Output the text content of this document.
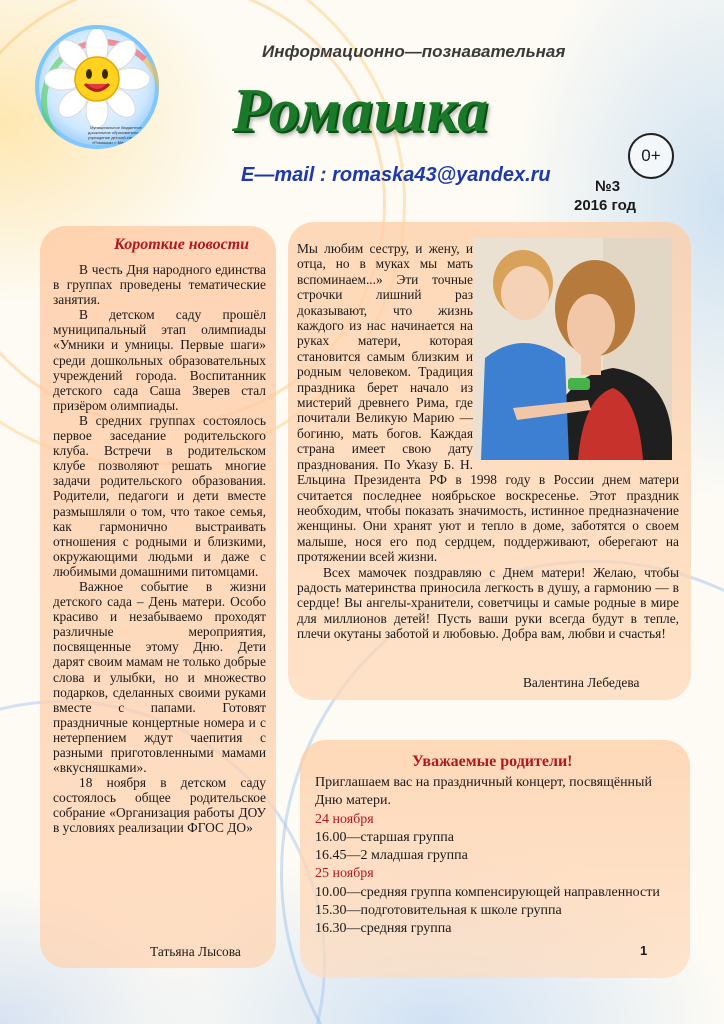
Муниципальное бюджетное дошкольное образовательное учреждение детский сад № 43 «Ромашка» г. Мичуринска
Информационно—познавательная
Ромашка
0+
E—mail : romaska43@yandex.ru
№3
2016 год
Короткие новости

В честь Дня народного единства в группах проведены тематические занятия.

В детском саду прошёл муниципальный этап олимпиады «Умники и умницы. Первые шаги» среди дошкольных образовательных учреждений города. Воспитанник детского сада Саша Зверев стал призёром олимпиады.

В средних группах состоялось первое заседание родительского клуба. Встречи в родительском клубе позволяют решать многие задачи родительского образования. Родители, педагоги и дети вместе размышляли о том, что такое семья, как гармонично выстраивать отношения с родными и близкими, окружающими людьми и даже с любимыми домашними питомцами.

Важное событие в жизни детского сада – День матери. Особо красиво и незабываемо проходят различные мероприятия, посвященные этому Дню. Дети дарят своим мамам не только добрые слова и улыбки, но и множество подарков, сделанных своими руками вместе с папами. Готовят праздничные концертные номера и с нетерпением ждут чаепития с разными приготовленными мамами «вкусняшками».

18 ноября в детском саду состоялось общее родительское собрание «Организация работы ДОУ в условиях реализации ФГОС ДО»

Татьяна Лысова

Мы любим сестру, и жену, и отца, но в муках мы мать вспоминаем...» Эти точные строчки лишний раз доказывают, что жизнь каждого из нас начинается на руках матери, которая становится самым близким и родным человеком. Традиция праздника берет начало из мистерий древнего Рима, где почитали Великую Марию — богиню, мать богов. Каждая страна имеет свою дату празднования. По Указу Б. Н. Ельцина Президента РФ в 1998 году в России днем матери считается последнее ноябрьское воскресенье. Этот праздник необходим, чтобы показать значимость, истинное предназначение женщины. Они хранят уют и тепло в доме, заботятся о своем малыше, нося его под сердцем, поддерживают, оберегают на протяжении всей жизни.

Всех мамочек поздравляю с Днем матери! Желаю, чтобы радость материнства приносила легкость в душу, а гармонию — в сердце! Вы ангелы-хранители, советчицы и самые родные в мире для миллионов детей! Пусть ваши руки всегда будут в тепле, плечи окутаны заботой и любовью. Добра вам, любви и счастья!

Валентина Лебедева
Уважаемые родители!
Приглашаем вас на праздничный концерт, посвящённый Дню матери.
24 ноября
16.00—старшая группа
16.45—2 младшая группа
25 ноября
10.00—средняя группа компенсирующей направленности
15.30—подготовительная к школе группа
16.30—средняя группа
1
